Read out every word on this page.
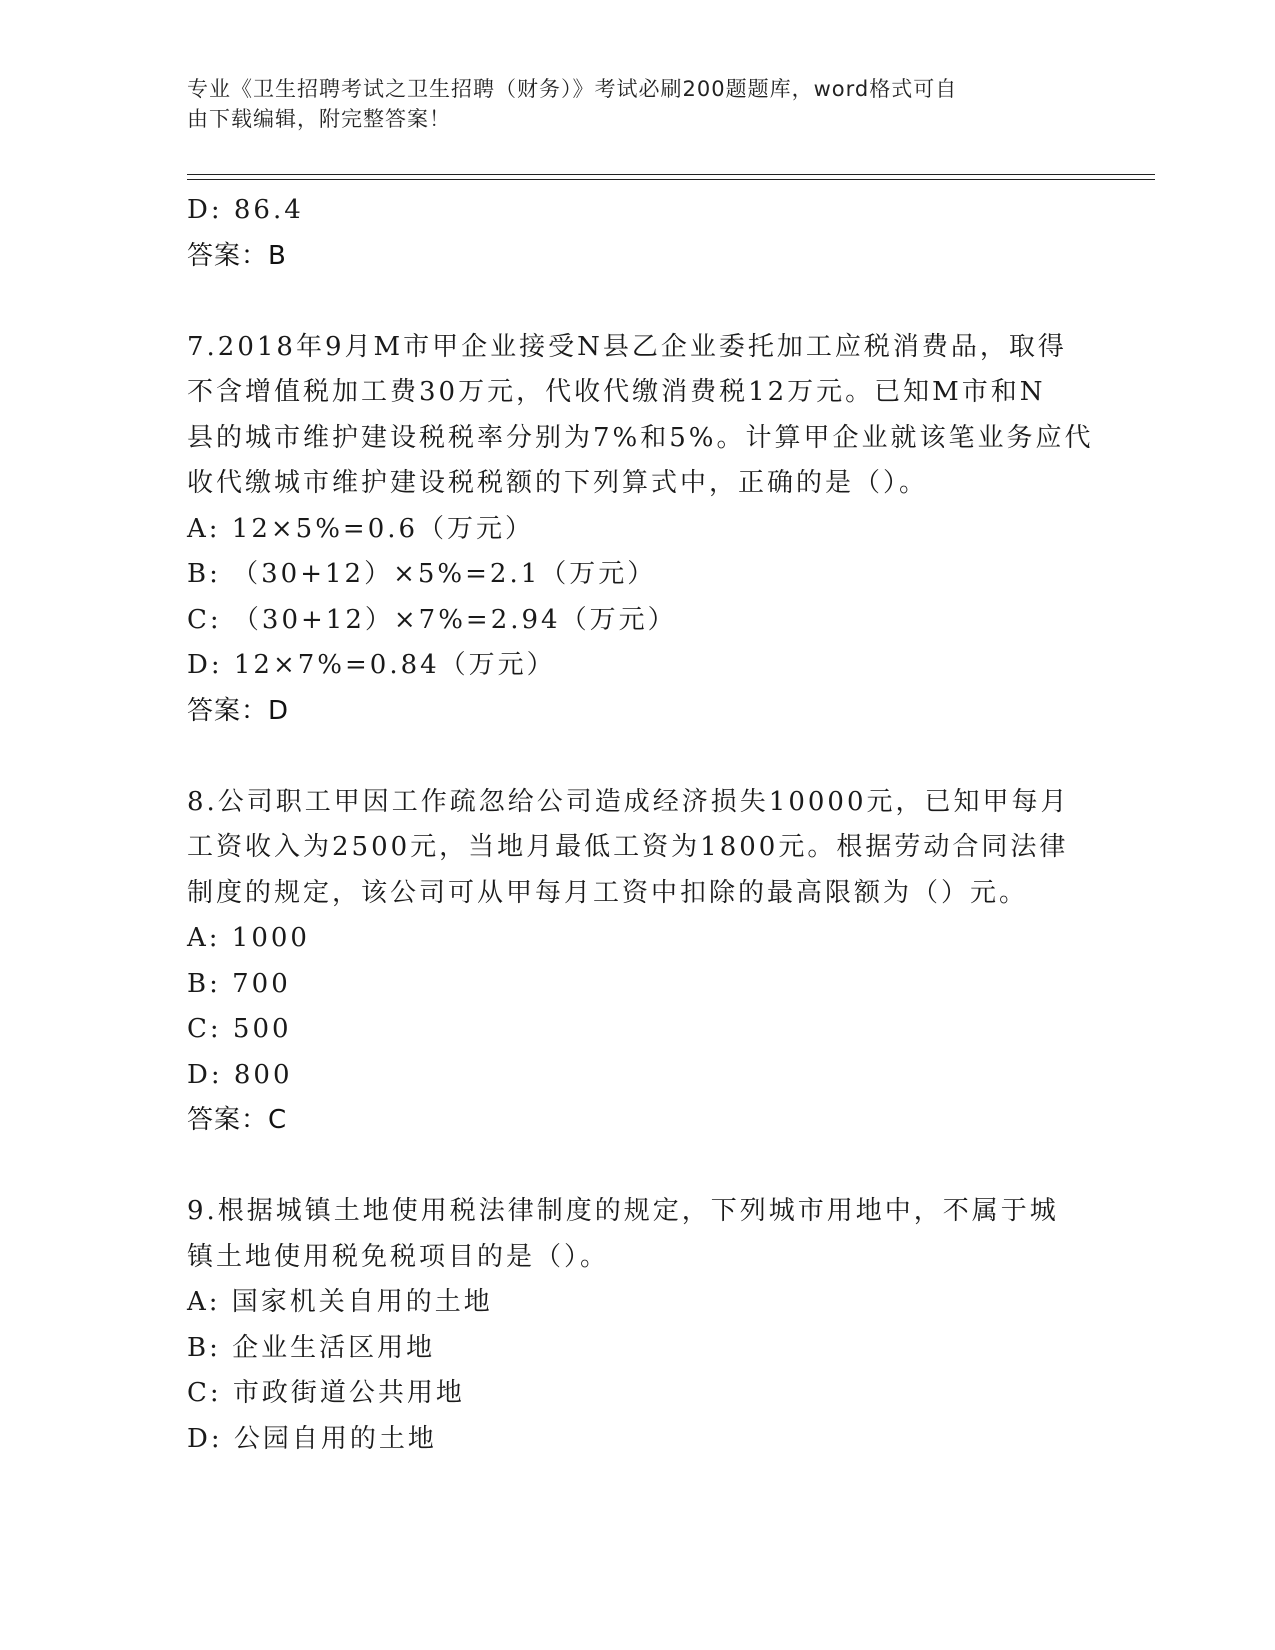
专业《卫生招聘考试之卫生招聘（财务）》考试必刷200题题库，word格式可自
由下载编辑，附完整答案！
D: 86.4
答案：B
7.2018年9月M市甲企业接受N县乙企业委托加工应税消费品，取得
不含增值税加工费30万元，代收代缴消费税12万元。已知M市和N
县的城市维护建设税税率分别为7%和5%。计算甲企业就该笔业务应代
收代缴城市维护建设税税额的下列算式中，正确的是（）。
A: 12×5%=0.6（万元）
B: （30+12）×5%=2.1（万元）
C: （30+12）×7%=2.94（万元）
D: 12×7%=0.84（万元）
答案：D
8.公司职工甲因工作疏忽给公司造成经济损失10000元，已知甲每月
工资收入为2500元，当地月最低工资为1800元。根据劳动合同法律
制度的规定，该公司可从甲每月工资中扣除的最高限额为（）元。
A: 1000
B: 700
C: 500
D: 800
答案：C
9.根据城镇土地使用税法律制度的规定，下列城市用地中，不属于城
镇土地使用税免税项目的是（）。
A: 国家机关自用的土地
B: 企业生活区用地
C: 市政街道公共用地
D: 公园自用的土地
